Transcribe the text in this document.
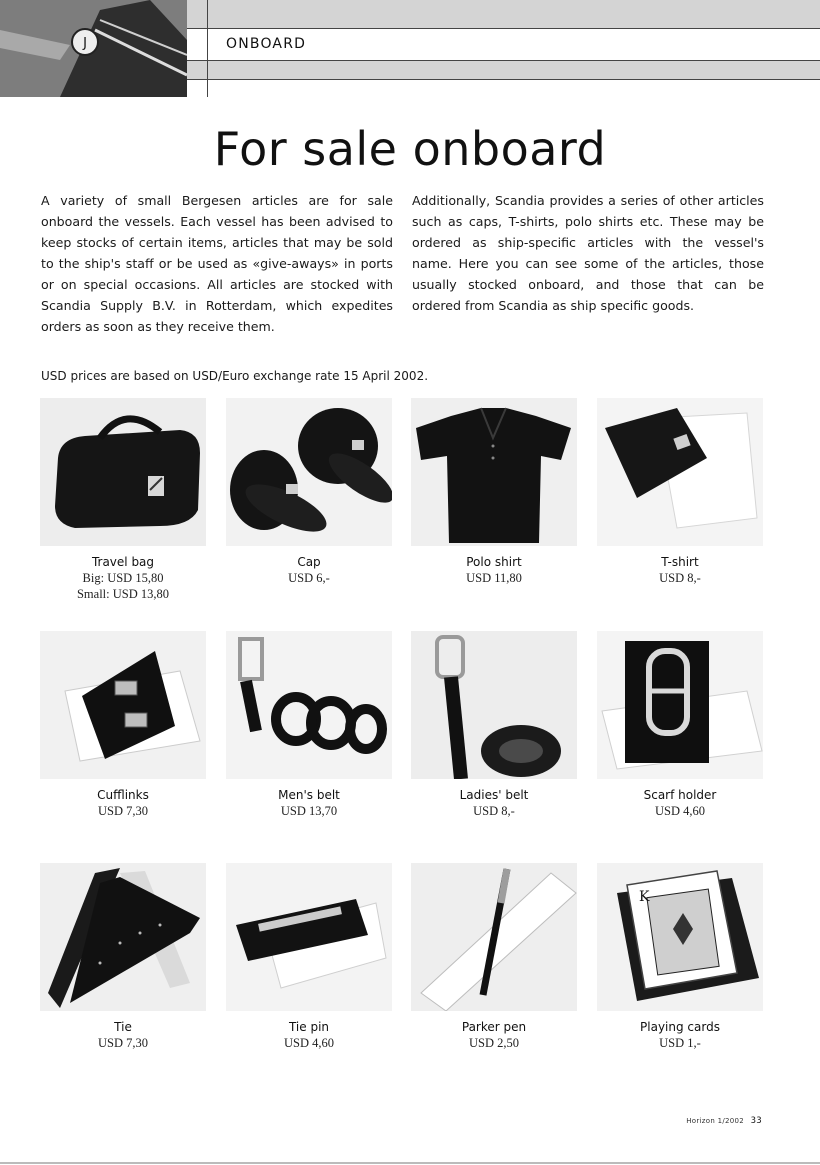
J	ONBOARD
For sale onboard

A variety of small Bergesen articles are for sale onboard the vessels. Each vessel has been advised to keep stocks of certain items, articles that may be sold to the ship's staff or be used as «give-aways» in ports or on special occasions. All articles are stocked with Scandia Supply B.V. in Rotterdam, which expedites orders as soon as they receive them.

Additionally, Scandia provides a series of other articles such as caps, T-shirts, polo shirts etc. These may be ordered as ship-specific articles with the vessel's name. Here you can see some of the articles, those usually stocked onboard, and those that can be ordered from Scandia as ship specific goods.

USD prices are based on USD/Euro exchange rate 15 April 2002.
Travel bag
Big: USD 15,80
Small: USD 13,80
Cap
USD 6,-
Polo shirt
USD 11,80
T-shirt
USD 8,-
Cufflinks
USD 7,30
Men's belt
USD 13,70
Ladies' belt
USD 8,-
Scarf holder
USD 4,60
Tie
USD 7,30
Tie pin
USD 4,60
Parker pen
USD 2,50
K
Playing cards
USD 1,-
Horizon 1/2002 33
